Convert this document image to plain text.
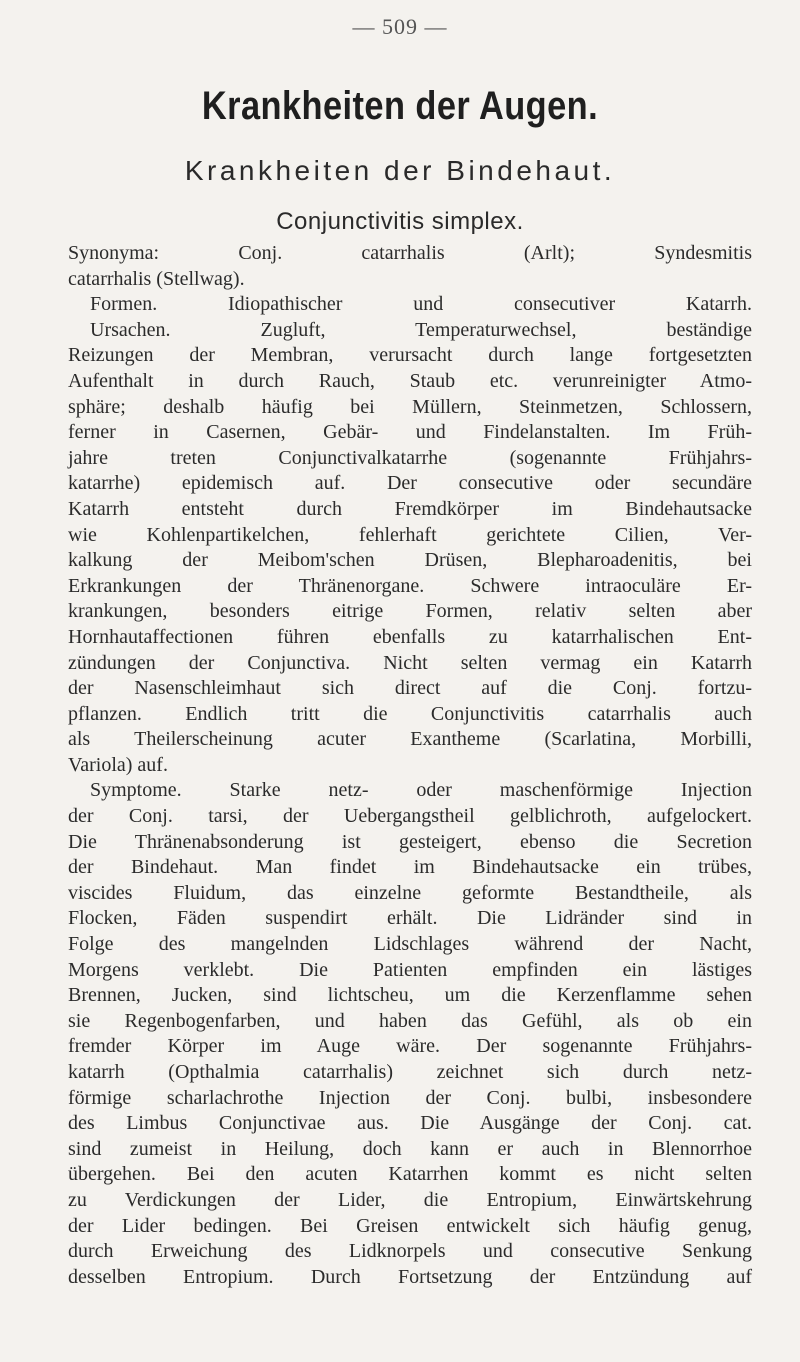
— 509 —
Krankheiten der Augen.
Krankheiten der Bindehaut.
Conjunctivitis simplex.
Synonyma: Conj. catarrhalis (Arlt); Syndesmitis
catarrhalis (Stellwag).
Formen. Idiopathischer und consecutiver Katarrh.
Ursachen. Zugluft, Temperaturwechsel, beständige
Reizungen der Membran, verursacht durch lange fortgesetzten
Aufenthalt in durch Rauch, Staub etc. verunreinigter Atmo-
sphäre; deshalb häufig bei Müllern, Steinmetzen, Schlossern,
ferner in Casernen, Gebär- und Findelanstalten. Im Früh-
jahre treten Conjunctivalkatarrhe (sogenannte Frühjahrs-
katarrhe) epidemisch auf. Der consecutive oder secundäre
Katarrh entsteht durch Fremdkörper im Bindehautsacke
wie Kohlenpartikelchen, fehlerhaft gerichtete Cilien, Ver-
kalkung der Meibom'schen Drüsen, Blepharoadenitis, bei
Erkrankungen der Thränenorgane. Schwere intraoculäre Er-
krankungen, besonders eitrige Formen, relativ selten aber
Hornhautaffectionen führen ebenfalls zu katarrhalischen Ent-
zündungen der Conjunctiva. Nicht selten vermag ein Katarrh
der Nasenschleimhaut sich direct auf die Conj. fortzu-
pflanzen. Endlich tritt die Conjunctivitis catarrhalis auch
als Theilerscheinung acuter Exantheme (Scarlatina, Morbilli,
Variola) auf.
Symptome. Starke netz- oder maschenförmige Injection
der Conj. tarsi, der Uebergangstheil gelblichroth, aufgelockert.
Die Thränenabsonderung ist gesteigert, ebenso die Secretion
der Bindehaut. Man findet im Bindehautsacke ein trübes,
viscides Fluidum, das einzelne geformte Bestandtheile, als
Flocken, Fäden suspendirt erhält. Die Lidränder sind in
Folge des mangelnden Lidschlages während der Nacht,
Morgens verklebt. Die Patienten empfinden ein lästiges
Brennen, Jucken, sind lichtscheu, um die Kerzenflamme sehen
sie Regenbogenfarben, und haben das Gefühl, als ob ein
fremder Körper im Auge wäre. Der sogenannte Frühjahrs-
katarrh (Opthalmia catarrhalis) zeichnet sich durch netz-
förmige scharlachrothe Injection der Conj. bulbi, insbesondere
des Limbus Conjunctivae aus. Die Ausgänge der Conj. cat.
sind zumeist in Heilung, doch kann er auch in Blennorrhoe
übergehen. Bei den acuten Katarrhen kommt es nicht selten
zu Verdickungen der Lider, die Entropium, Einwärtskehrung
der Lider bedingen. Bei Greisen entwickelt sich häufig genug,
durch Erweichung des Lidknorpels und consecutive Senkung
desselben Entropium. Durch Fortsetzung der Entzündung auf
